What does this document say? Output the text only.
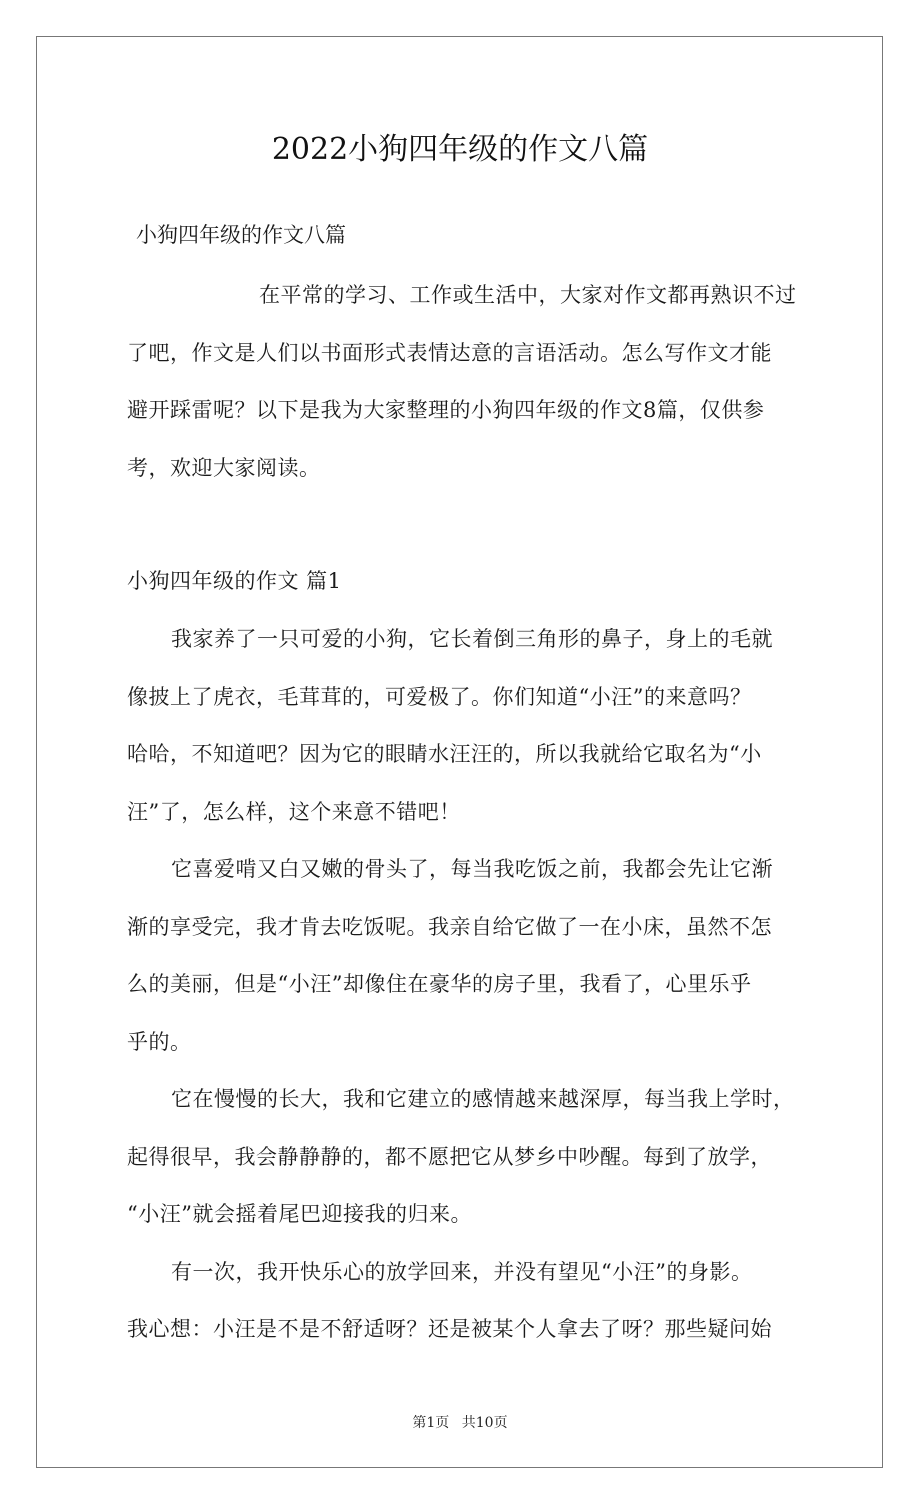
2022小狗四年级的作文八篇
小狗四年级的作文八篇
在平常的学习、工作或生活中，大家对作文都再熟识不过
了吧，作文是人们以书面形式表情达意的言语活动。怎么写作文才能
避开踩雷呢？以下是我为大家整理的小狗四年级的作文8篇，仅供参
考，欢迎大家阅读。
小狗四年级的作文 篇1
我家养了一只可爱的小狗，它长着倒三角形的鼻子，身上的毛就
像披上了虎衣，毛茸茸的，可爱极了。你们知道“小汪”的来意吗？
哈哈，不知道吧？因为它的眼睛水汪汪的，所以我就给它取名为“小
汪”了，怎么样，这个来意不错吧！
它喜爱啃又白又嫩的骨头了，每当我吃饭之前，我都会先让它渐
渐的享受完，我才肯去吃饭呢。我亲自给它做了一在小床，虽然不怎
么的美丽，但是“小汪”却像住在豪华的房子里，我看了，心里乐乎
乎的。
它在慢慢的长大，我和它建立的感情越来越深厚，每当我上学时，
起得很早，我会静静静的，都不愿把它从梦乡中吵醒。每到了放学，
“小汪”就会摇着尾巴迎接我的归来。
有一次，我开快乐心的放学回来，并没有望见“小汪”的身影。
我心想：小汪是不是不舒适呀？还是被某个人拿去了呀？那些疑问始
第1页 共10页
